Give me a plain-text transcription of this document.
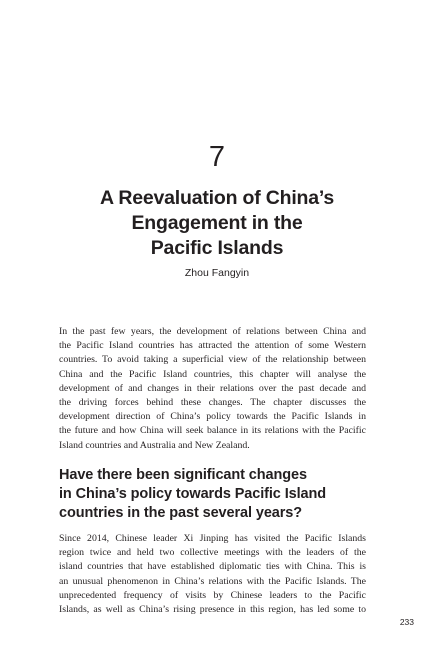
7
A Reevaluation of China’s
Engagement in the
Pacific Islands
Zhou Fangyin
In the past few years, the development of relations between China and
the Pacific Island countries has attracted the attention of some Western
countries. To avoid taking a superficial view of the relationship between
China and the Pacific Island countries, this chapter will analyse the
development of and changes in their relations over the past decade and
the driving forces behind these changes. The chapter discusses the
development direction of China’s policy towards the Pacific Islands in
the future and how China will seek balance in its relations with the Pacific
Island countries and Australia and New Zealand.
Have there been significant changes
in China’s policy towards Pacific Island
countries in the past several years?
Since 2014, Chinese leader Xi Jinping has visited the Pacific Islands
region twice and held two collective meetings with the leaders of the
island countries that have established diplomatic ties with China. This is
an unusual phenomenon in China’s relations with the Pacific Islands. The
unprecedented frequency of visits by Chinese leaders to the Pacific
Islands, as well as China’s rising presence in this region, has led some to
233
